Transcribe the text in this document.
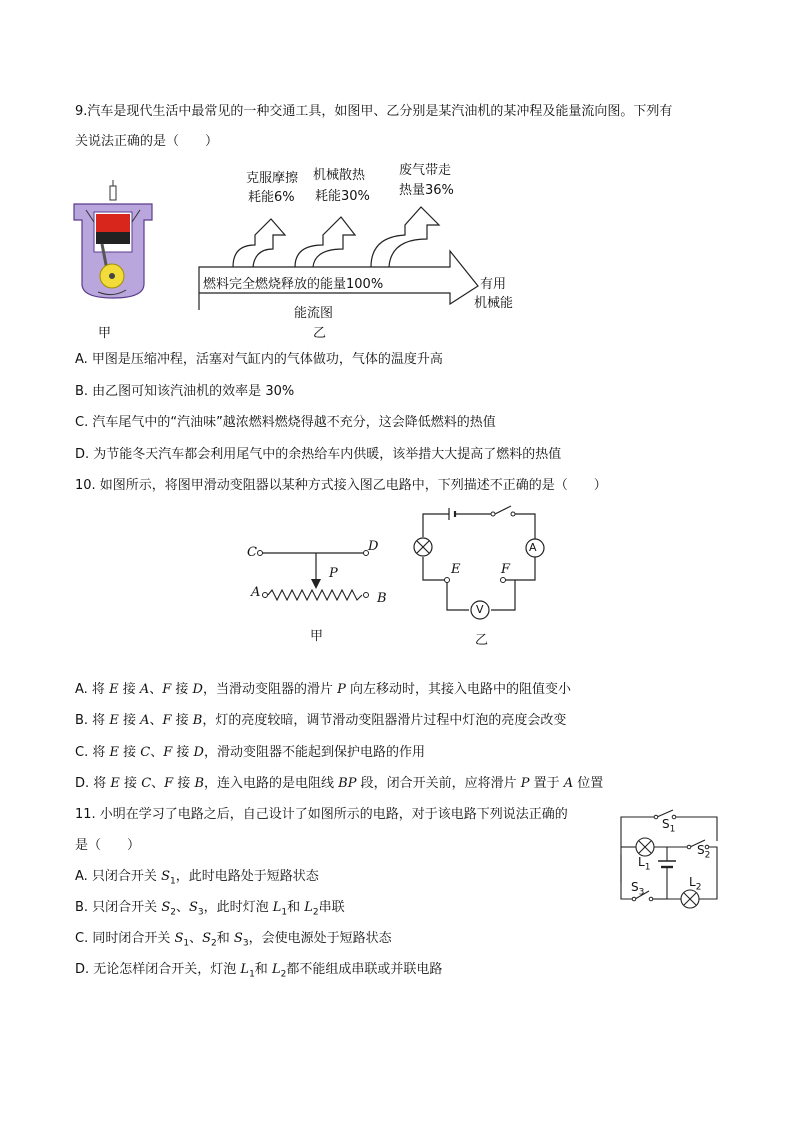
9.汽车是现代生活中最常见的一种交通工具，如图甲、乙分别是某汽油机的某冲程及能量流向图。下列有
关说法正确的是（　　）
甲
燃料完全燃烧释放的能量100%	有用
机械能
克服摩擦
耗能6%
机械散热
耗能30%
废气带走
热量36%
能流图
乙
A. 甲图是压缩冲程，活塞对气缸内的气体做功，气体的温度升高
B. 由乙图可知该汽油机的效率是 30%
C. 汽车尾气中的“汽油味”越浓燃料燃烧得越不充分，这会降低燃料的热值
D. 为节能冬天汽车都会利用尾气中的余热给车内供暖，该举措大大提高了燃料的热值
10. 如图所示，将图甲滑动变阻器以某种方式接入图乙电路中，下列描述不正确的是（　　）
C	D
P
A	B
甲
A
V
E	F
乙
A. 将 E 接 A、F 接 D，当滑动变阻器的滑片 P 向左移动时，其接入电路中的阻值变小
B. 将 E 接 A、F 接 B，灯的亮度较暗，调节滑动变阻器滑片过程中灯泡的亮度会改变
C. 将 E 接 C、F 接 D，滑动变阻器不能起到保护电路的作用
D. 将 E 接 C、F 接 B，连入电路的是电阻线 BP 段，闭合开关前，应将滑片 P 置于 A 位置
11. 小明在学习了电路之后，自己设计了如图所示的电路，对于该电路下列说法正确的
是（　　）
$S_1$
$S_2$
$S_3$
$L_1$
$L_2$
A. 只闭合开关 $S_1$，此时电路处于短路状态
B. 只闭合开关 $S_2$、$S_3$，此时灯泡 $L_1$和 $L_2$串联
C. 同时闭合开关 $S_1$、$S_2$和 $S_3$，会使电源处于短路状态
D. 无论怎样闭合开关，灯泡 $L_1$和 $L_2$都不能组成串联或并联电路
